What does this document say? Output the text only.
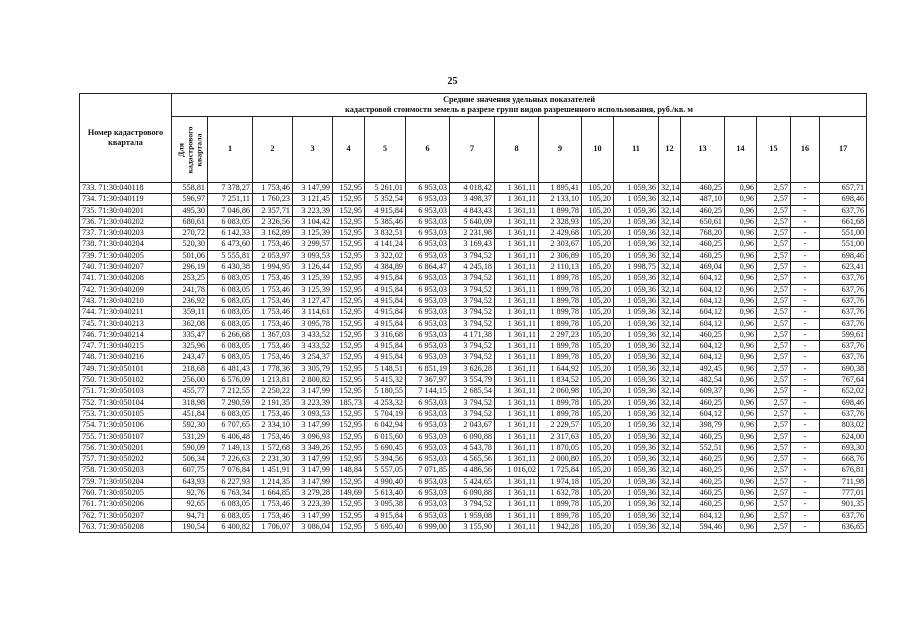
25
Номер кадастрового квартала	Средние значения удельных показателей
кадастровой стоимости земель в разрезе групп видов разрешенного использования, руб./кв. м																	

	Для кадастрового квартала	1	2	3	4	5	6	7	8	9	10	11	12	13	14	15	16	17
733. 71:30:040118	558,81	7 378,27	1 753,46	3 147,99	152,95	5 261,01	6 953,03	4 018,42	1 361,11	1 895,41	105,20	1 059,36	32,14	460,25	0,96	2,57	-	657,71
734. 71:30:040119	596,97	7 251,11	1 760,23	3 121,45	152,95	5 352,54	6 953,03	3 498,37	1 361,11	2 133,10	105,20	1 059,36	32,14	487,10	0,96	2,57	-	698,46
735. 71:30:040201	495,30	7 046,86	2 357,71	3 223,39	152,95	4 915,84	6 953,03	4 843,43	1 361,11	1 899,78	105,20	1 059,36	32,14	460,25	0,96	2,57	-	637,76
736. 71:30:040202	680,61	6 083,05	2 326,56	3 104,42	152,95	5 385,46	6 953,03	5 640,09	1 361,11	2 328,93	105,20	1 059,36	32,14	650,61	0,96	2,57	-	661,68
737. 71:30:040203	270,72	6 142,33	3 162,89	3 125,39	152,95	3 832,51	6 953,03	2 231,98	1 361,11	2 429,68	105,20	1 059,36	32,14	768,20	0,96	2,57	-	551,00
738. 71:30:040204	520,30	6 473,60	1 753,46	3 299,57	152,95	4 141,24	6 953,03	3 169,43	1 361,11	2 303,67	105,20	1 059,36	32,14	460,25	0,96	2,57	-	551,00
739. 71:30:040205	501,06	5 555,81	2 053,97	3 093,53	152,95	3 322,02	6 953,03	3 794,52	1 361,11	2 306,89	105,20	1 059,36	32,14	460,25	0,96	2,57	-	698,46
740. 71:30:040207	296,19	6 430,38	1 994,95	3 126,44	152,95	4 384,89	6 864,47	4 245,18	1 361,11	2 110,13	105,20	1 998,75	32,14	469,04	0,96	2,57	-	623,41
741. 71:30:040208	253,25	6 083,05	1 753,46	3 125,39	152,95	4 915,84	6 953,03	3 794,52	1 361,11	1 899,78	105,20	1 059,36	32,14	604,12	0,96	2,57	-	637,76
742. 71:30:040209	241,78	6 083,05	1 753,46	3 125,39	152,95	4 915,84	6 953,03	3 794,52	1 361,11	1 899,78	105,20	1 059,36	32,14	604,12	0,96	2,57	-	637,76
743. 71:30:040210	236,92	6 083,05	1 753,46	3 127,47	152,95	4 915,84	6 953,03	3 794,52	1 361,11	1 899,78	105,20	1 059,36	32,14	604,12	0,96	2,57	-	637,76
744. 71:30:040211	359,11	6 083,05	1 753,46	3 114,61	152,95	4 915,84	6 953,03	3 794,52	1 361,11	1 899,78	105,20	1 059,36	32,14	604,12	0,96	2,57	-	637,76
745. 71:30:040213	362,08	6 083,05	1 753,46	3 095,78	152,95	4 915,84	6 953,03	3 794,52	1 361,11	1 899,78	105,20	1 059,36	32,14	604,12	0,96	2,57	-	637,76
746. 71:30:040214	335,47	6 266,68	1 367,03	3 433,52	152,95	3 316,68	6 953,03	4 171,38	1 361,11	2 297,23	105,20	1 059,36	32,14	460,25	0,96	2,57	-	599,61
747. 71:30:040215	325,96	6 083,05	1 753,46	3 433,52	152,95	4 915,84	6 953,03	3 794,52	1 361,11	1 899,78	105,20	1 059,36	32,14	604,12	0,96	2,57	-	637,76
748. 71:30:040216	243,47	6 083,05	1 753,46	3 254,37	152,95	4 915,84	6 953,03	3 794,52	1 361,11	1 899,78	105,20	1 059,36	32,14	604,12	0,96	2,57	-	637,76
749. 71:30:050101	218,68	6 481,43	1 778,36	3 305,79	152,95	5 148,51	6 851,19	3 626,28	1 361,11	1 644,92	105,20	1 059,36	32,14	492,45	0,96	2,57	-	690,38
750. 71:30:050102	256,00	6 576,09	1 213,81	2 800,82	152,95	5 415,32	7 367,97	3 554,79	1 361,11	1 834,52	105,20	1 059,36	32,14	482,54	0,96	2,57	-	767,64
751. 71:30:050103	455,77	7 212,55	2 250,22	3 147,99	152,95	5 180,55	7 144,15	2 685,54	1 361,11	2 060,98	105,20	1 059,36	32,14	609,37	0,96	2,57	-	652,02
752. 71:30:050104	318,98	7 290,59	2 191,35	3 223,39	185,73	4 253,32	6 953,03	3 794,52	1 361,11	1 899,78	105,20	1 059,36	32,14	460,25	0,96	2,57	-	698,46
753. 71:30:050105	451,84	6 083,05	1 753,46	3 093,53	152,95	5 704,19	6 953,03	3 794,52	1 361,11	1 899,78	105,20	1 059,36	32,14	604,12	0,96	2,57	-	637,76
754. 71:30:050106	592,30	6 707,65	2 334,10	3 147,99	152,95	6 042,94	6 953,03	2 043,67	1 361,11	2 229,57	105,20	1 059,36	32,14	398,79	0,96	2,57	-	803,02
755. 71:30:050107	531,29	6 406,48	1 753,46	3 096,93	152,95	6 015,60	6 953,03	6 090,88	1 361,11	2 317,63	105,20	1 059,36	32,14	460,25	0,96	2,57	-	624,00
756. 71:30:050201	590,09	7 149,13	1 572,68	3 349,26	152,95	5 690,45	6 953,03	4 543,78	1 361,11	1 870,05	105,20	1 059,36	32,14	552,51	0,96	2,57	-	693,30
757. 71:30:050202	506,34	7 226,63	2 231,30	3 147,99	152,95	5 394,56	6 953,03	4 565,56	1 361,11	2 000,80	105,20	1 059,36	32,14	460,25	0,96	2,57	-	668,76
758. 71:30:050203	607,75	7 076,84	1 451,91	3 147,99	148,84	5 557,05	7 071,85	4 486,56	1 016,02	1 725,84	105,20	1 059,36	32,14	460,25	0,96	2,57	-	676,81
759. 71:30:050204	643,93	6 227,93	1 214,35	3 147,99	152,95	4 990,40	6 953,03	5 424,65	1 361,11	1 974,18	105,20	1 059,36	32,14	460,25	0,96	2,57	-	711,98
760. 71:30:050205	92,76	6 763,34	1 664,85	3 279,28	149,69	5 613,40	6 953,03	6 090,88	1 361,11	1 632,78	105,20	1 059,36	32,14	460,25	0,96	2,57	-	777,01
761. 71:30:050206	92,65	6 083,05	1 753,46	3 223,39	152,95	3 095,38	6 953,03	3 794,52	1 361,11	1 899,78	105,20	1 059,36	32,14	460,25	0,96	2,57	-	901,35
762. 71:30:050207	94,71	6 083,05	1 753,46	3 147,99	152,95	4 915,84	6 953,03	1 959,08	1 361,11	1 899,78	105,20	1 059,36	32,14	604,12	0,96	2,57	-	637,76
763. 71:30:050208	190,54	6 400,82	1 706,07	3 086,04	152,95	5 695,40	6 999,00	3 155,90	1 361,11	1 942,28	105,20	1 059,36	32,14	594,46	0,96	2,57	-	636,65
